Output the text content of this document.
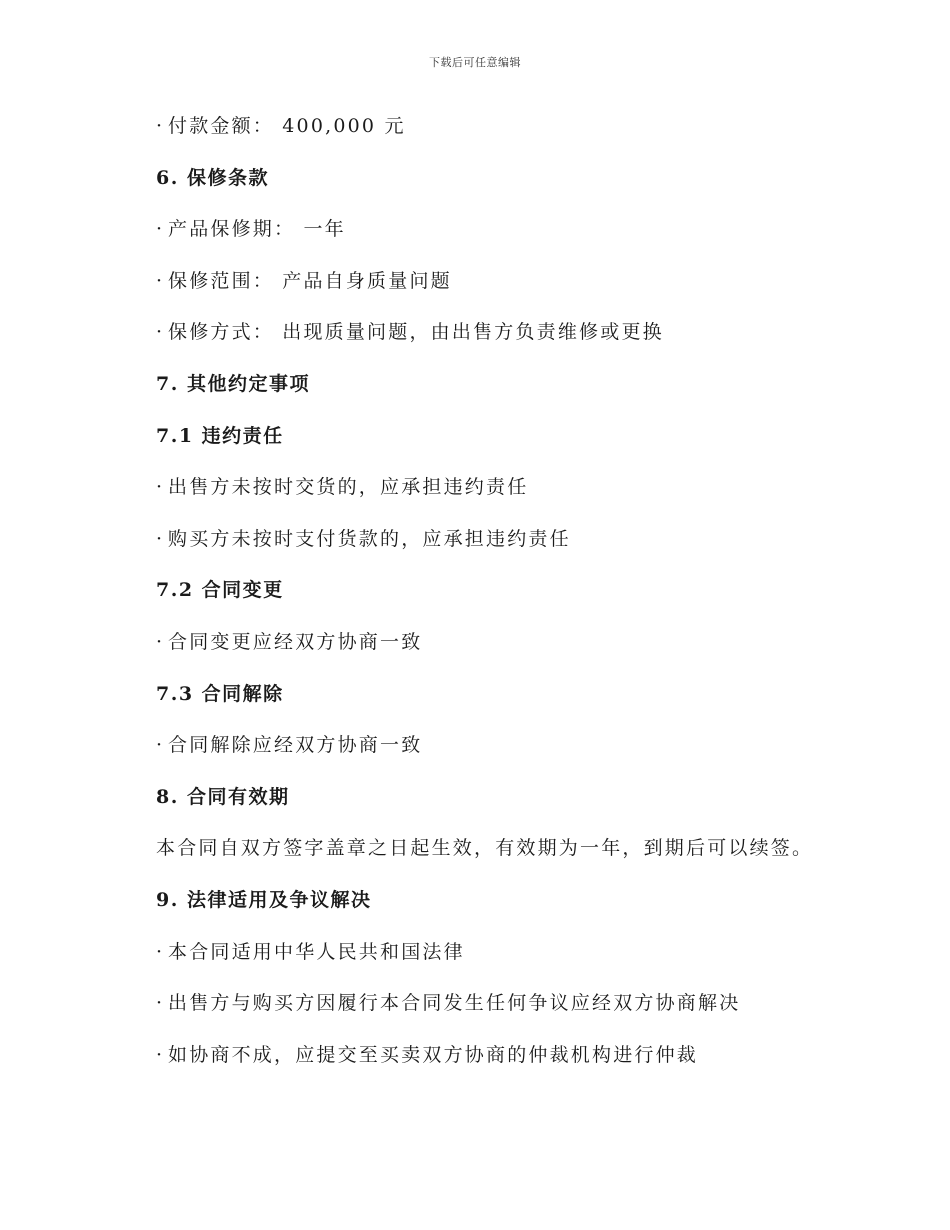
下载后可任意编辑
· 付款金额： 400,000 元
6. 保修条款
· 产品保修期： 一年
· 保修范围： 产品自身质量问题
· 保修方式： 出现质量问题，由出售方负责维修或更换
7. 其他约定事项
7.1 违约责任
· 出售方未按时交货的，应承担违约责任
· 购买方未按时支付货款的，应承担违约责任
7.2 合同变更
· 合同变更应经双方协商一致
7.3 合同解除
· 合同解除应经双方协商一致
8. 合同有效期
本合同自双方签字盖章之日起生效，有效期为一年，到期后可以续签。
9. 法律适用及争议解决
· 本合同适用中华人民共和国法律
· 出售方与购买方因履行本合同发生任何争议应经双方协商解决
· 如协商不成，应提交至买卖双方协商的仲裁机构进行仲裁
